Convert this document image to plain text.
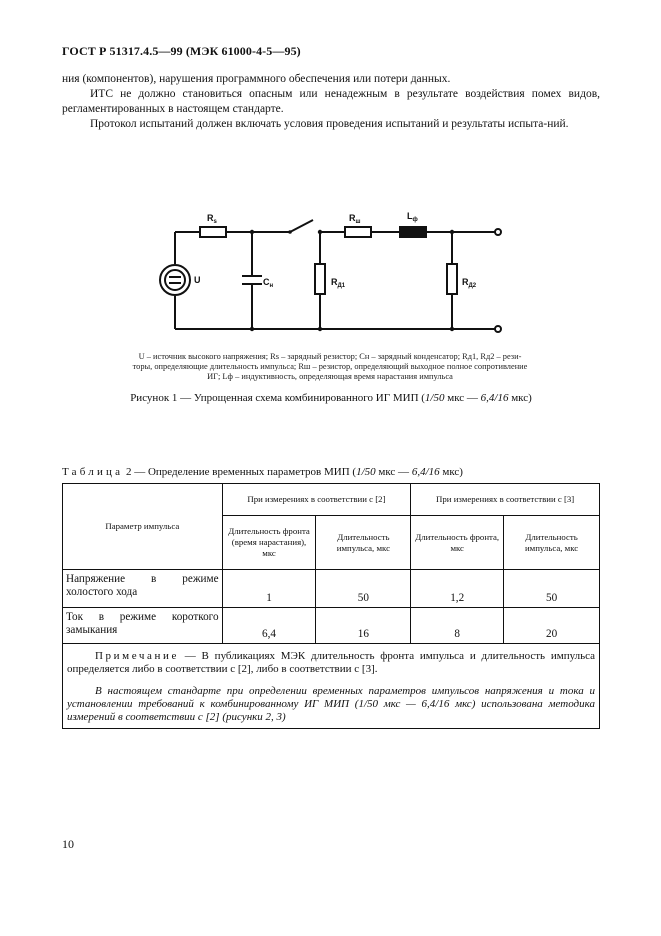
ГОСТ Р 51317.4.5—99 (МЭК 61000-4-5—95)
ния (компонентов), нарушения программного обеспечения или потери данных.
ИТС не должно становиться опасным или ненадежным в результате воздействия помех видов, регламентированных в настоящем стандарте.
Протокол испытаний должен включать условия проведения испытаний и результаты испыта-ний.
$R_s$
U	$C_н$	$R_{Д1}$
$R_ш$
$L_ф$
$R_{Д2}$
U – источник высокого напряжения; Rs – зарядный резистор; Cн – зарядный конденсатор; Rд1, Rд2 – рези-
торы, определяющие длительность импульса; Rш – резистор, определяющий выходное полное сопротивление
ИГ; Lф – индуктивность, определяющая время нарастания импульса
Рисунок 1 — Упрощенная схема комбинированного ИГ МИП (1/50 мкс — 6,4/16 мкс)
Таблица 2 — Определение временных параметров МИП (1/50 мкс — 6,4/16 мкс)
Параметр импульса	При измерениях в соответствии с [2]		При измерениях в соответствии с [3]	
	Длительность фронта (время нарастания), мкс	Длительность импульса, мкс	Длительность фронта, мкс	Длительность импульса, мкс
Напряжение в режиме холостого хода	1	50	1,2	50
Ток в режиме короткого замыкания	6,4	16	8	20

Примечание — В публикациях МЭК длительность фронта импульса и длительность импульса определяется либо в соответствии с [2], либо в соответствии с [3].

В настоящем стандарте при определении временных параметров импульсов напряжения и тока и установлении требований к комбинированному ИГ МИП (1/50 мкс — 6,4/16 мкс) использована методика измерений в соответствии с [2] (рисунки 2, 3)				

10
